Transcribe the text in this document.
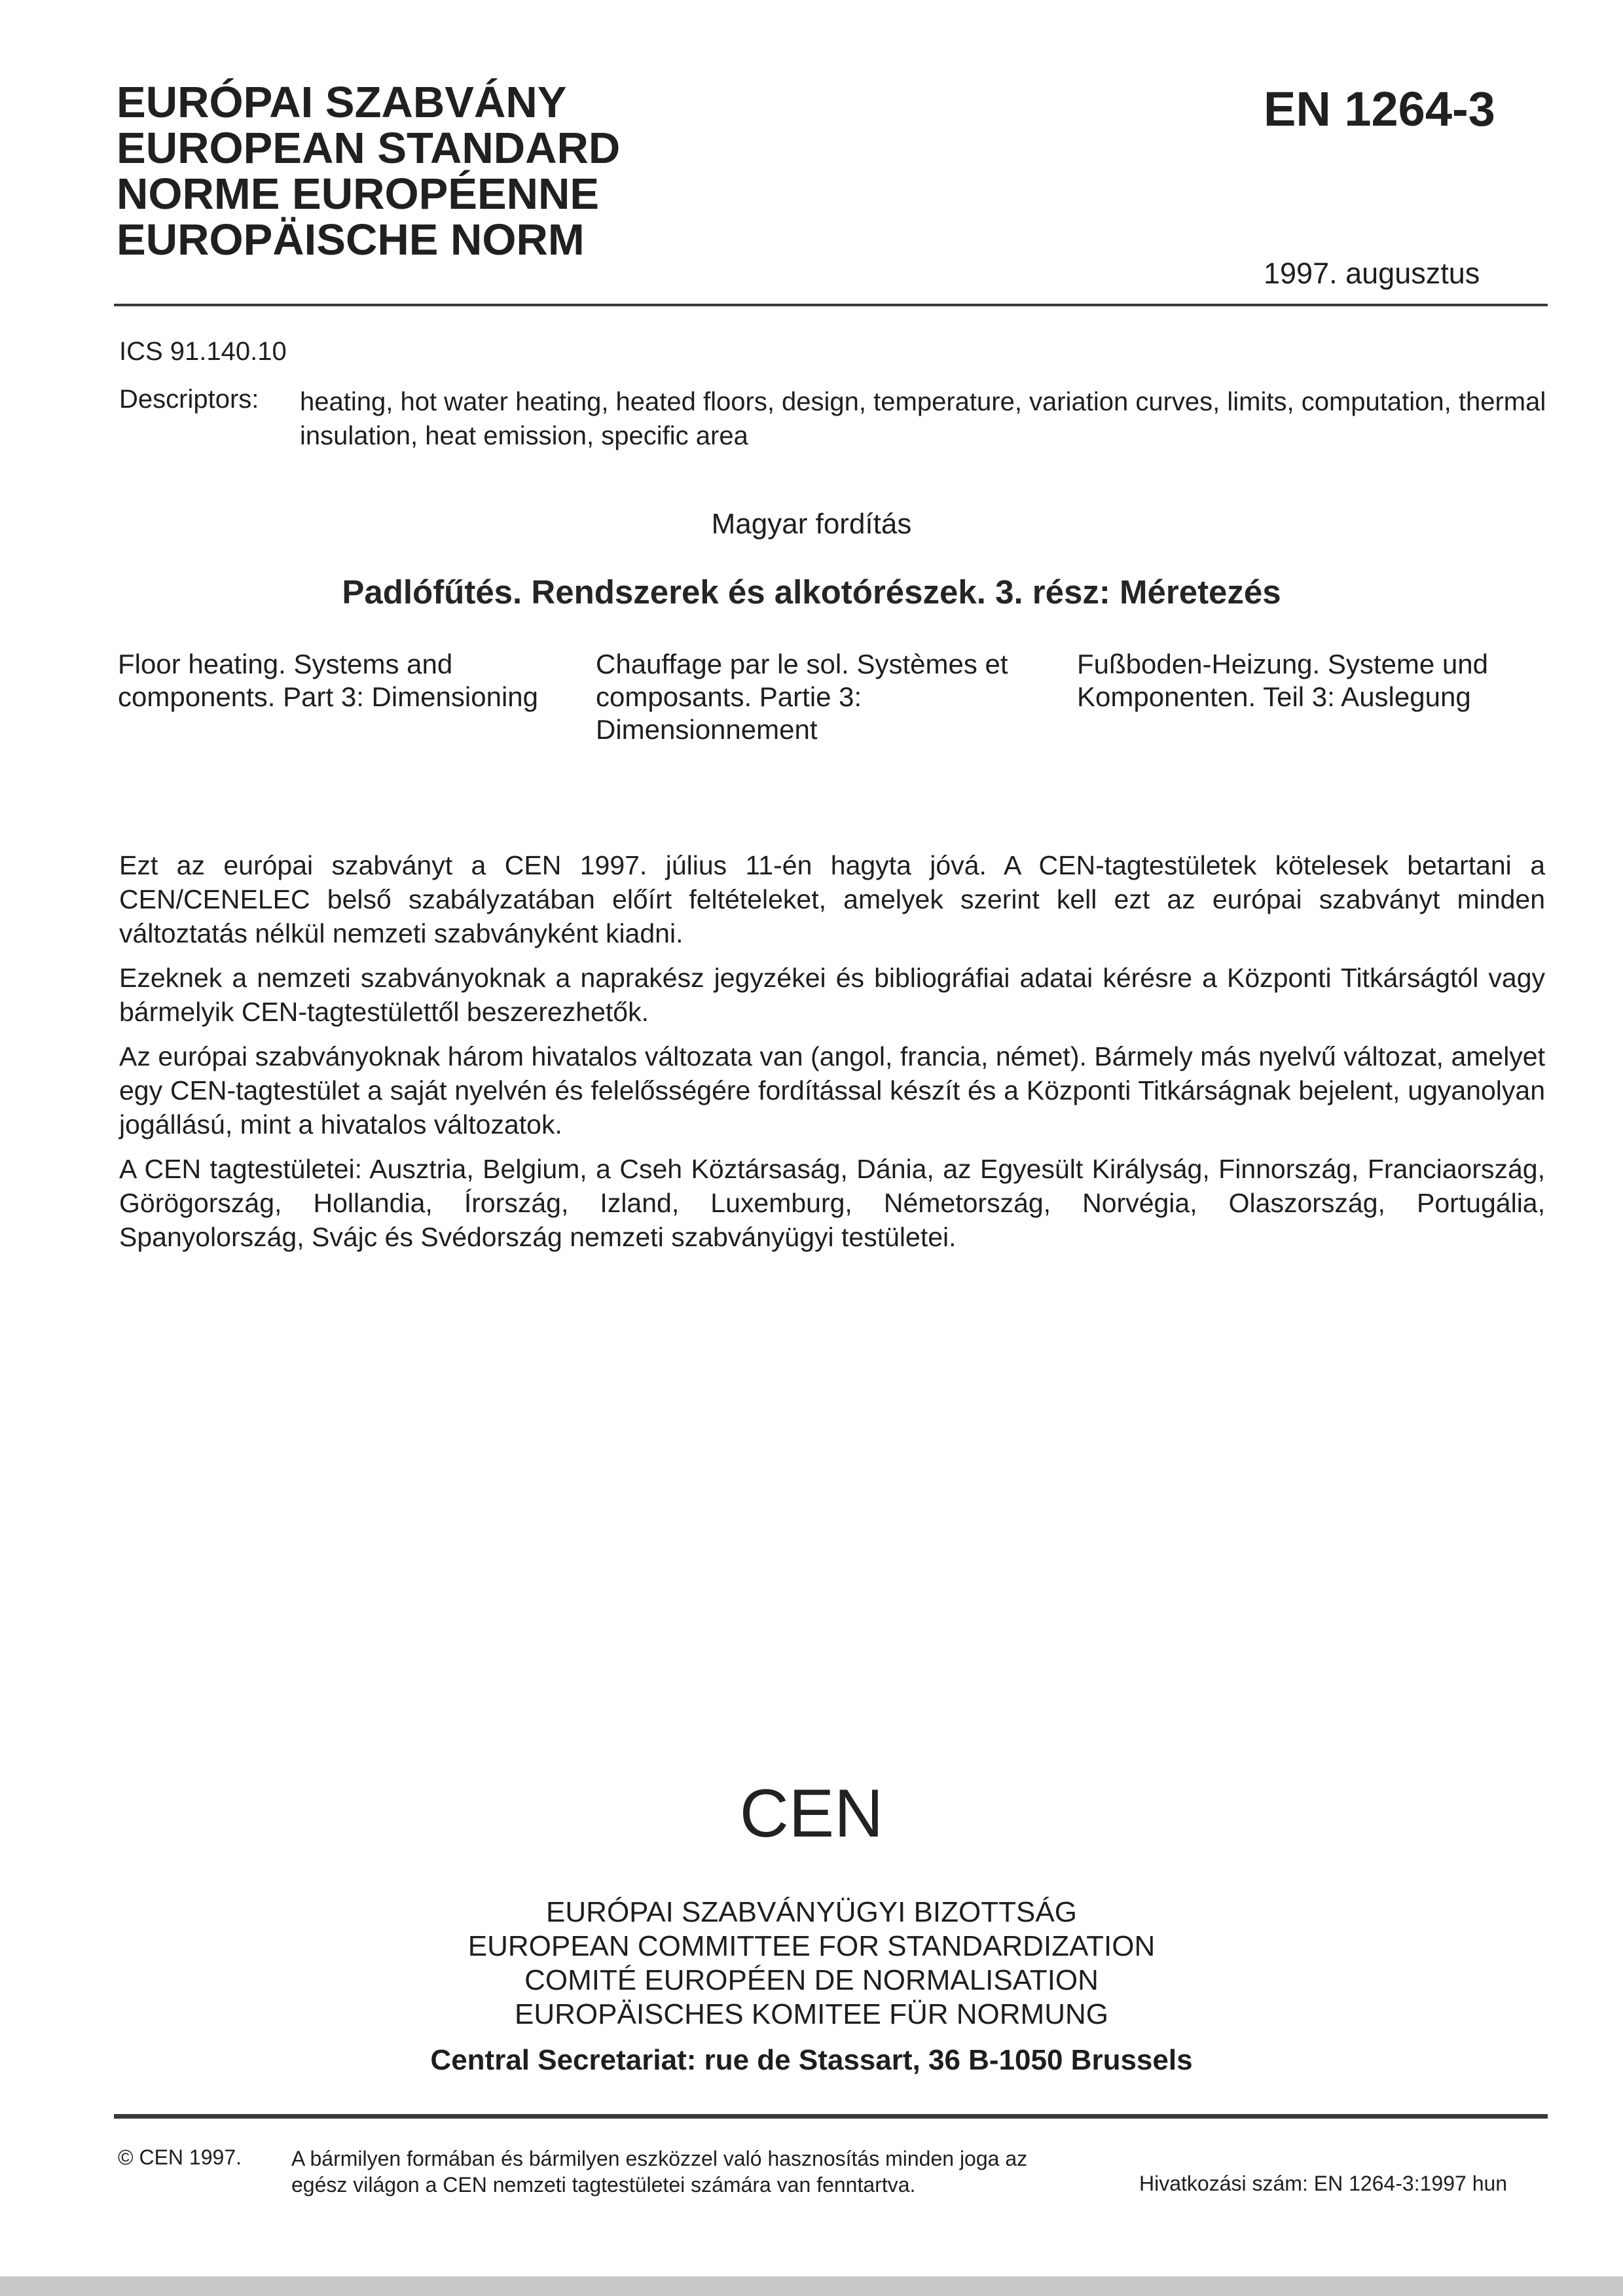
EURÓPAI SZABVÁNY
EUROPEAN STANDARD
NORME EUROPÉENNE
EUROPÄISCHE NORM
EN 1264-3
1997. augusztus
ICS 91.140.10
Descriptors: heating, hot water heating, heated floors, design, temperature, variation curves, limits, computation, thermal insulation, heat emission, specific area
Magyar fordítás
Padlófűtés. Rendszerek és alkotórészek. 3. rész: Méretezés
Floor heating. Systems and components. Part 3: Dimensioning
Chauffage par le sol. Systèmes et composants. Partie 3: Dimensionnement
Fußboden-Heizung. Systeme und Komponenten. Teil 3: Auslegung

Ezt az európai szabványt a CEN 1997. július 11-én hagyta jóvá. A CEN-tagtestületek kötelesek betartani a CEN/CENELEC belső szabályzatában előírt feltételeket, amelyek szerint kell ezt az európai szabványt minden változtatás nélkül nemzeti szabványként kiadni.

Ezeknek a nemzeti szabványoknak a naprakész jegyzékei és bibliográfiai adatai kérésre a Központi Titkárságtól vagy bármelyik CEN-tagtestülettől beszerezhetők.

Az európai szabványoknak három hivatalos változata van (angol, francia, német). Bármely más nyelvű változat, amelyet egy CEN-tagtestület a saját nyelvén és felelősségére fordítással készít és a Központi Titkárságnak bejelent, ugyanolyan jogállású, mint a hivatalos változatok.

A CEN tagtestületei: Ausztria, Belgium, a Cseh Köztársaság, Dánia, az Egyesült Királyság, Finnország, Franciaország, Görögország, Hollandia, Írország, Izland, Luxemburg, Németország, Norvégia, Olaszország, Portugália, Spanyolország, Svájc és Svédország nemzeti szabványügyi testületei.

CEN
EURÓPAI SZABVÁNYÜGYI BIZOTTSÁG
EUROPEAN COMMITTEE FOR STANDARDIZATION
COMITÉ EUROPÉEN DE NORMALISATION
EUROPÄISCHES KOMITEE FÜR NORMUNG
Central Secretariat: rue de Stassart, 36 B-1050 Brussels
© CEN 1997. A bármilyen formában és bármilyen eszközzel való hasznosítás minden joga az egész világon a CEN nemzeti tagtestületei számára van fenntartva.	Hivatkozási szám: EN 1264-3:1997 hun
